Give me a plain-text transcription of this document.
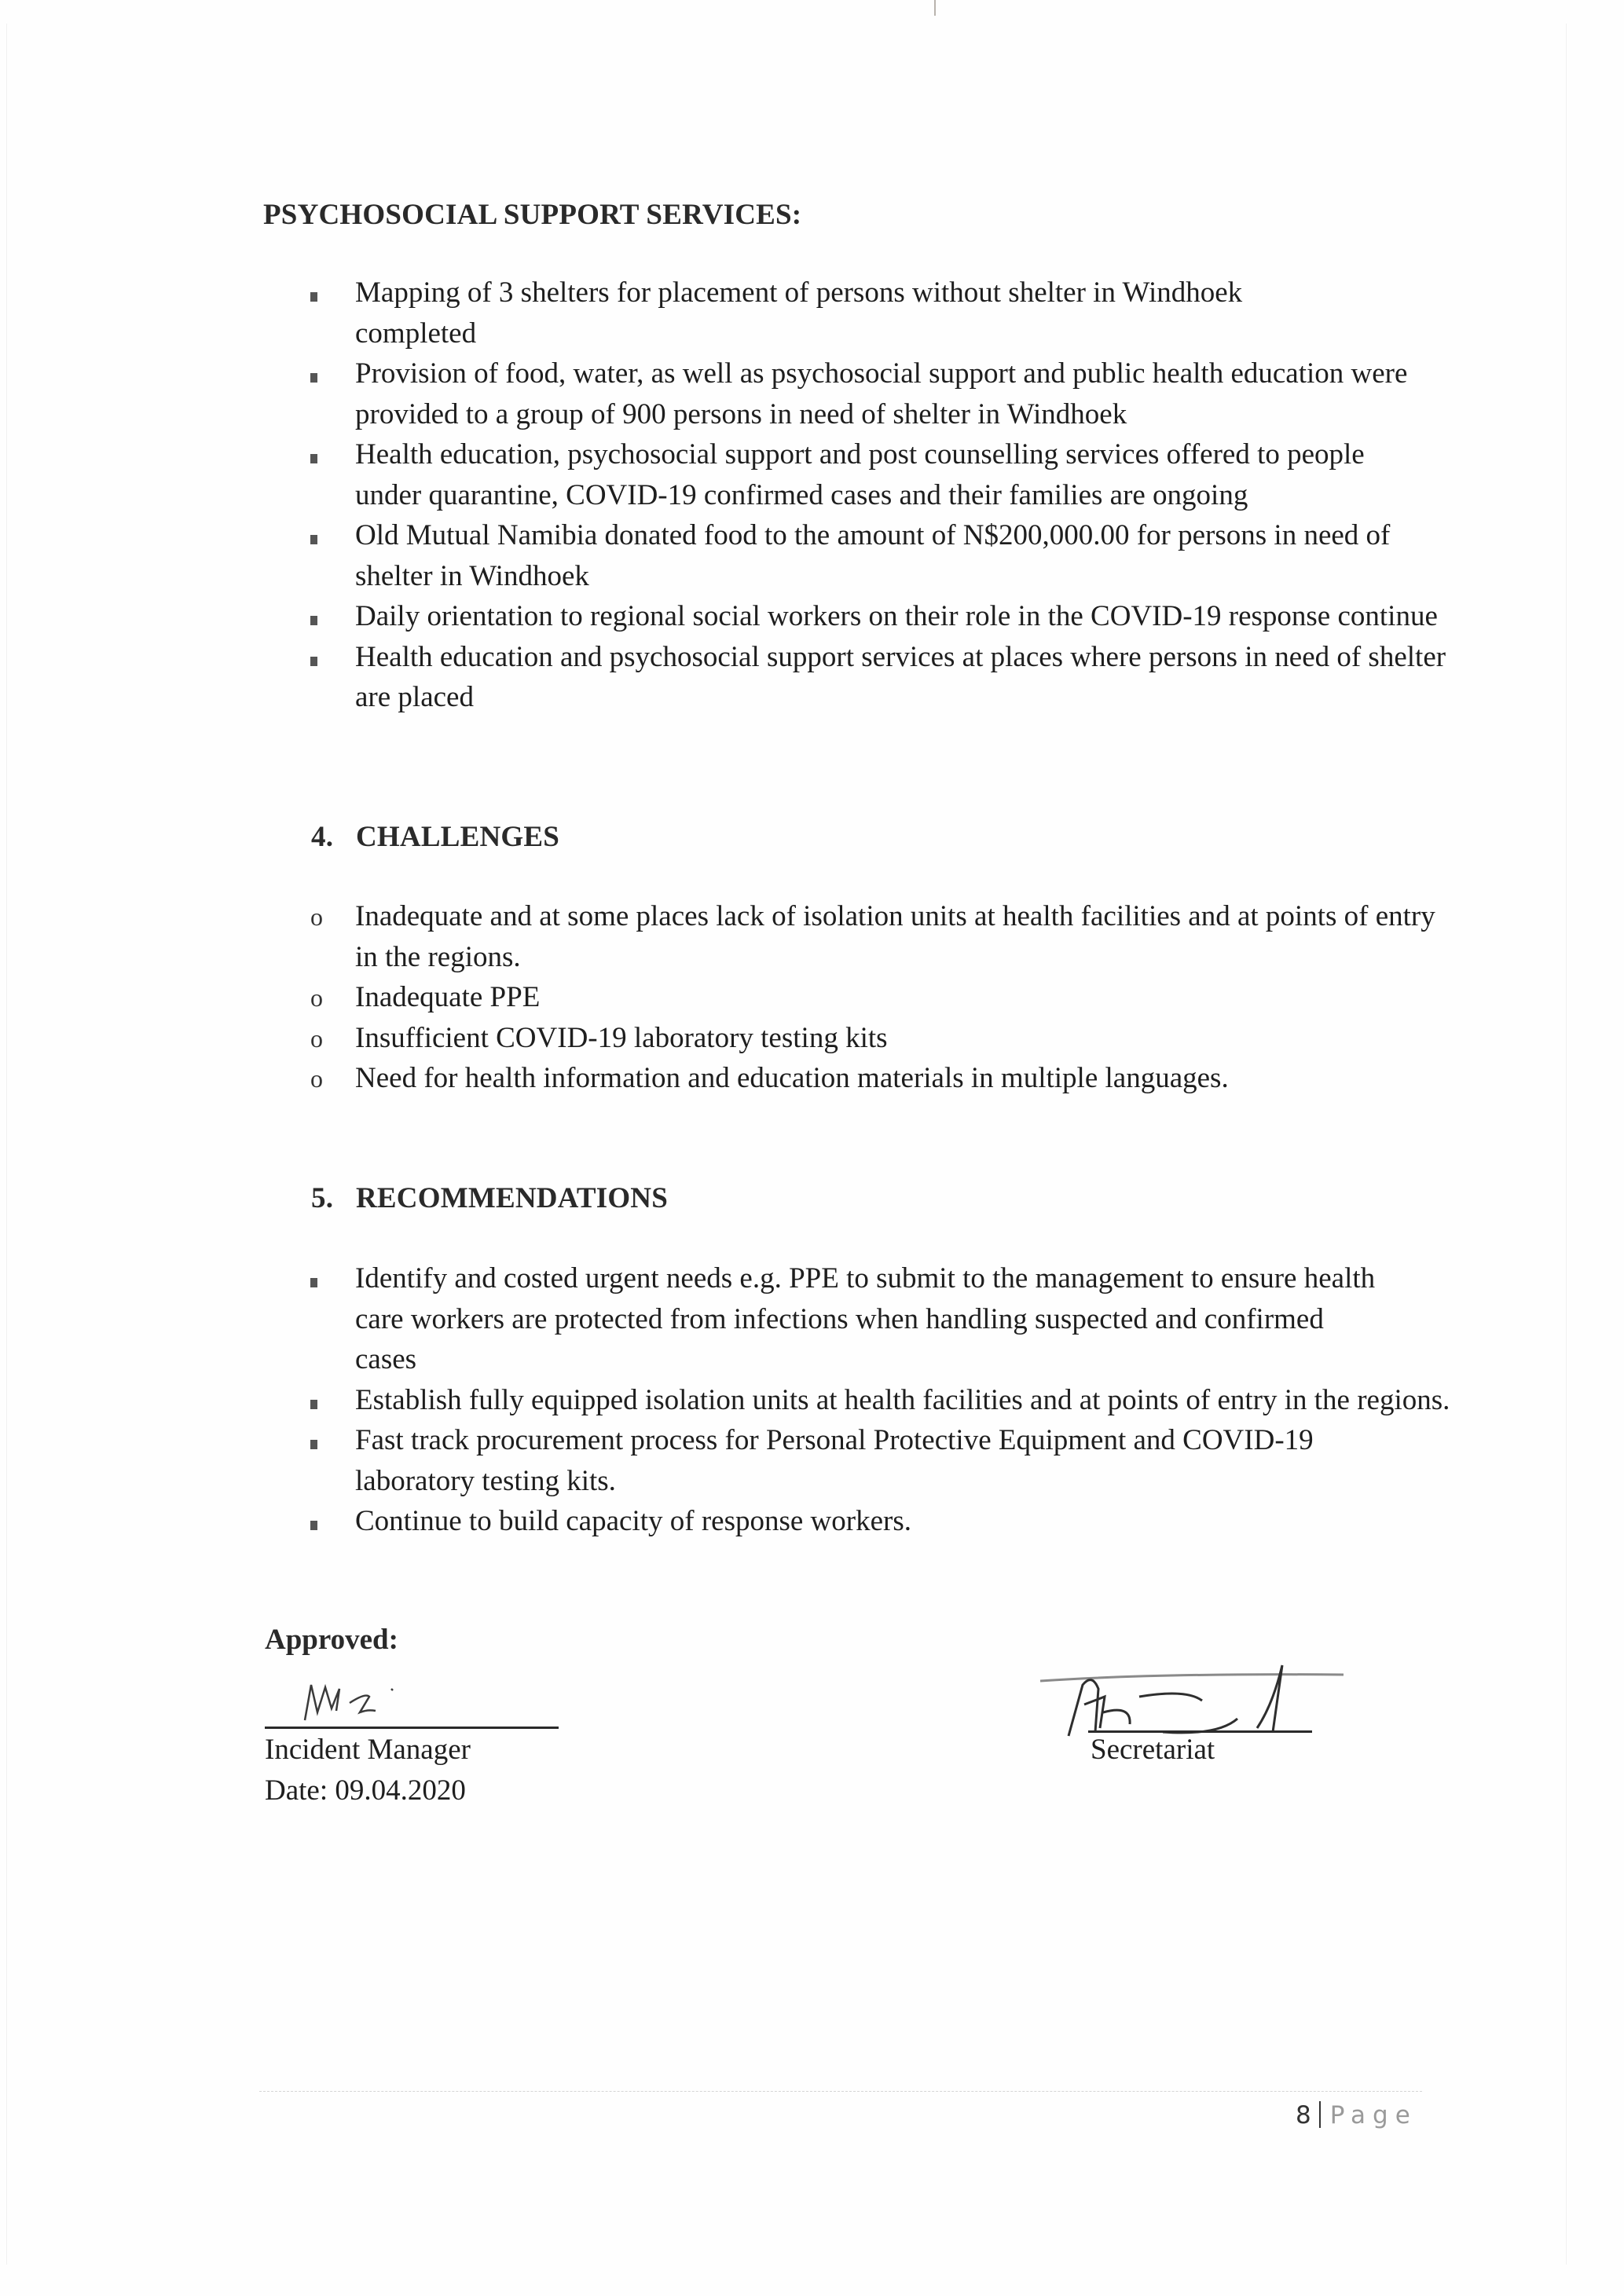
PSYCHOSOCIAL SUPPORT SERVICES:
Mapping of 3 shelters for placement of persons without shelter in Windhoek completed
Provision of food, water, as well as psychosocial support and public health education were provided to a group of 900 persons in need of shelter in Windhoek
Health education, psychosocial support and post counselling services offered to people under quarantine, COVID-19 confirmed cases and their families are ongoing
Old Mutual Namibia donated food to the amount of N$200,000.00 for persons in need of shelter in Windhoek
Daily orientation to regional social workers on their role in the COVID-19 response continue
Health education and psychosocial support services at places where persons in need of shelter are placed
4. CHALLENGES
o Inadequate and at some places lack of isolation units at health facilities and at points of entry in the regions.
o Inadequate PPE
o Insufficient COVID-19 laboratory testing kits
o Need for health information and education materials in multiple languages.
5. RECOMMENDATIONS
Identify and costed urgent needs e.g. PPE to submit to the management to ensure health care workers are protected from infections when handling suspected and confirmed cases
Establish fully equipped isolation units at health facilities and at points of entry in the regions.
Fast track procurement process for Personal Protective Equipment and COVID-19 laboratory testing kits.
Continue to build capacity of response workers.
Approved:
Incident Manager
Date: 09.04.2020
Secretariat
8 Page
